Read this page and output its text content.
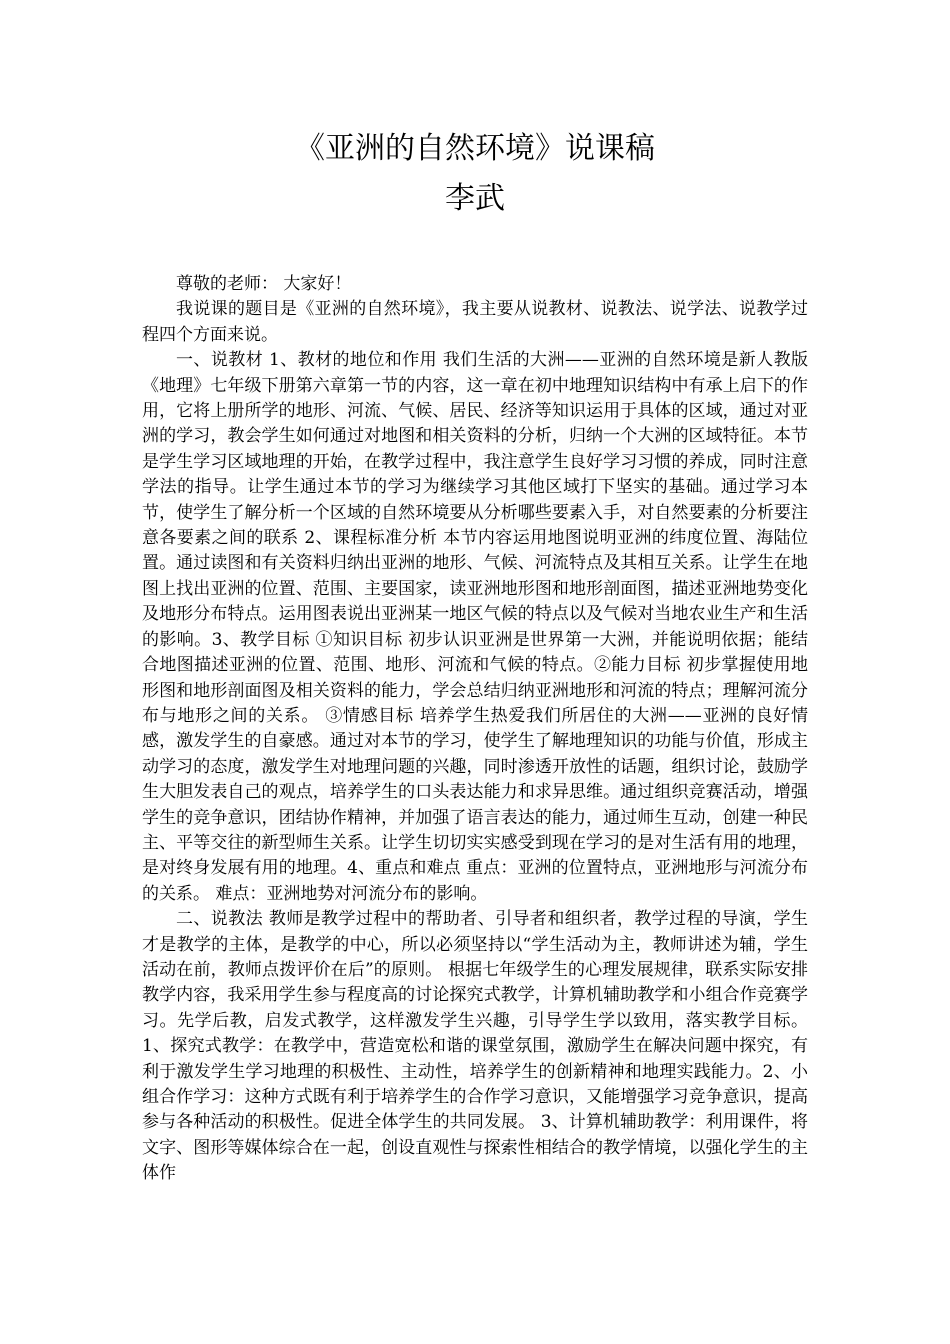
《亚洲的自然环境》说课稿
李武

尊敬的老师： 大家好！

我说课的题目是《亚洲的自然环境》，我主要从说教材、说教法、说学法、说教学过程四个方面来说。

一、说教材 1、教材的地位和作用 我们生活的大洲——亚洲的自然环境是新人教版《地理》七年级下册第六章第一节的内容，这一章在初中地理知识结构中有承上启下的作用，它将上册所学的地形、河流、气候、居民、经济等知识运用于具体的区域，通过对亚洲的学习，教会学生如何通过对地图和相关资料的分析，归纳一个大洲的区域特征。本节是学生学习区域地理的开始，在教学过程中，我注意学生良好学习习惯的养成，同时注意学法的指导。让学生通过本节的学习为继续学习其他区域打下坚实的基础。通过学习本节，使学生了解分析一个区域的自然环境要从分析哪些要素入手，对自然要素的分析要注意各要素之间的联系 2、课程标准分析 本节内容运用地图说明亚洲的纬度位置、海陆位置。通过读图和有关资料归纳出亚洲的地形、气候、河流特点及其相互关系。让学生在地图上找出亚洲的位置、范围、主要国家，读亚洲地形图和地形剖面图，描述亚洲地势变化及地形分布特点。运用图表说出亚洲某一地区气候的特点以及气候对当地农业生产和生活的影响。3、教学目标 ①知识目标 初步认识亚洲是世界第一大洲，并能说明依据；能结合地图描述亚洲的位置、范围、地形、河流和气候的特点。②能力目标 初步掌握使用地形图和地形剖面图及相关资料的能力，学会总结归纳亚洲地形和河流的特点；理解河流分布与地形之间的关系。 ③情感目标 培养学生热爱我们所居住的大洲——亚洲的良好情感，激发学生的自豪感。通过对本节的学习，使学生了解地理知识的功能与价值，形成主动学习的态度，激发学生对地理问题的兴趣，同时渗透开放性的话题，组织讨论，鼓励学生大胆发表自己的观点，培养学生的口头表达能力和求异思维。通过组织竞赛活动，增强学生的竞争意识，团结协作精神，并加强了语言表达的能力，通过师生互动，创建一种民主、平等交往的新型师生关系。让学生切切实实感受到现在学习的是对生活有用的地理，是对终身发展有用的地理。4、重点和难点 重点：亚洲的位置特点，亚洲地形与河流分布的关系。 难点：亚洲地势对河流分布的影响。

二、说教法 教师是教学过程中的帮助者、引导者和组织者，教学过程的导演，学生才是教学的主体，是教学的中心，所以必须坚持以“学生活动为主，教师讲述为辅，学生活动在前，教师点拨评价在后”的原则。 根据七年级学生的心理发展规律，联系实际安排教学内容，我采用学生参与程度高的讨论探究式教学，计算机辅助教学和小组合作竞赛学习。先学后教，启发式教学，这样激发学生兴趣，引导学生学以致用，落实教学目标。 1、探究式教学：在教学中，营造宽松和谐的课堂氛围，激励学生在解决问题中探究，有利于激发学生学习地理的积极性、主动性，培养学生的创新精神和地理实践能力。2、小组合作学习：这种方式既有利于培养学生的合作学习意识，又能增强学习竞争意识，提高参与各种活动的积极性。促进全体学生的共同发展。 3、计算机辅助教学：利用课件，将文字、图形等媒体综合在一起，创设直观性与探索性相结合的教学情境，以强化学生的主体作
